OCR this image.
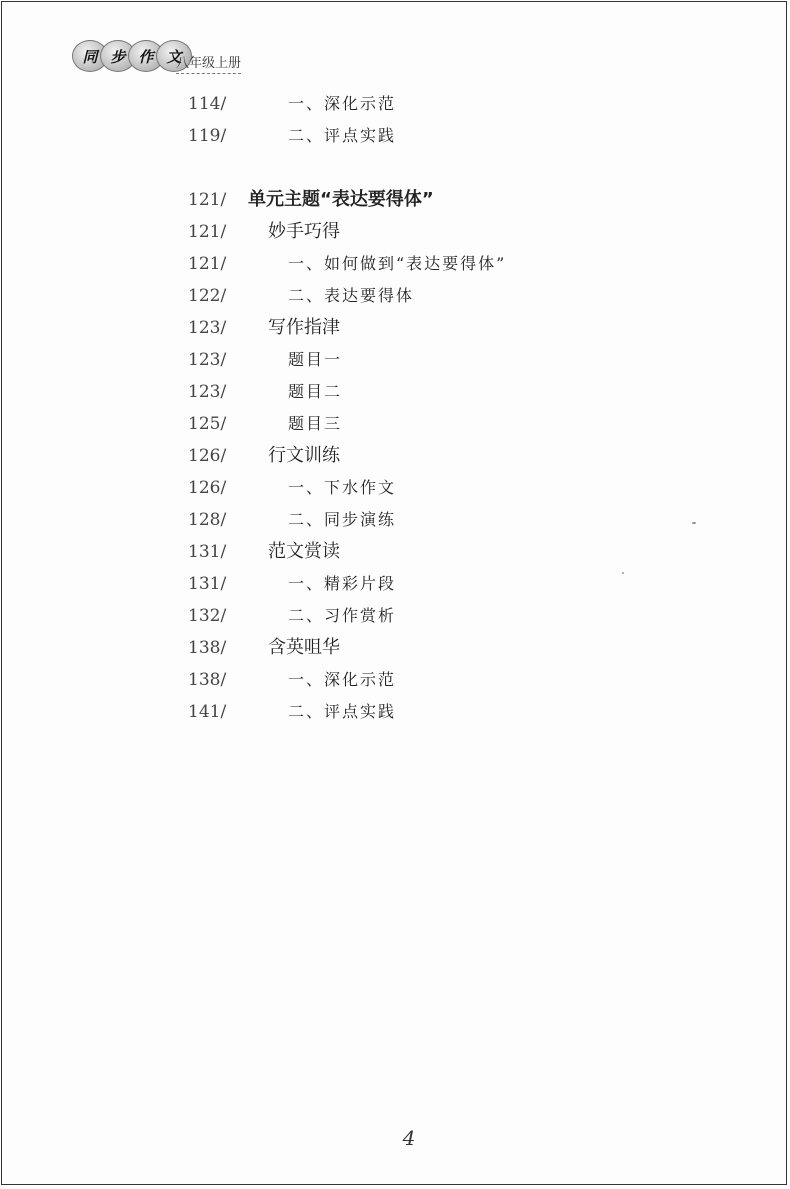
同 步 作 文
八年级上册
114/	一、深化示范
119/	二、评点实践
121/	单元主题“表达要得体”
121/	妙手巧得
121/	一、如何做到“表达要得体”
122/	二、表达要得体
123/	写作指津
123/	题目一
123/	题目二
125/	题目三
126/	行文训练
126/	一、下水作文
128/	二、同步演练
131/	范文赏读
131/	一、精彩片段
132/	二、习作赏析
138/	含英咀华
138/	一、深化示范
141/	二、评点实践
4
